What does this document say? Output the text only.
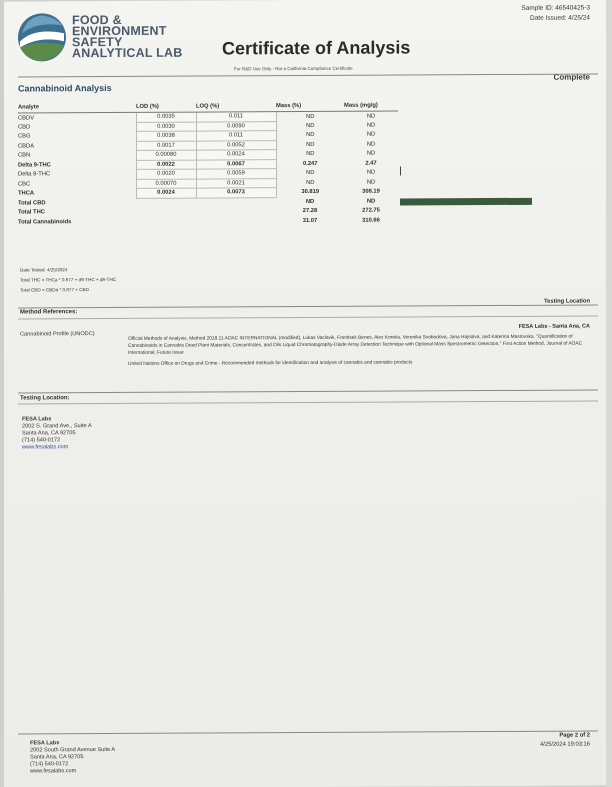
FOOD &
ENVIRONMENT
SAFETY
ANALYTICAL LAB
Sample ID: 46540425-3
Date Issued: 4/25/24
Certificate of Analysis
For R&D Use Only - Not a California Compliance Certificate
Complete
Cannabinoid Analysis
Analyte	LOD (%)	LOQ (%)	Mass (%)	Mass (mg/g)
CBDV	0.0035	0.011	ND	ND
CBD	0.0030	0.0090	ND	ND
CBG	0.0038	0.011	ND	ND
CBDA	0.0017	0.0052	ND	ND
CBN	0.00080	0.0024	ND	ND
Delta 9-THC	0.0022	0.0067	0.247	2.47
Delta 8-THC	0.0020	0.0059	ND	ND
CBC	0.00070	0.0021	ND	ND
THCA	0.0024	0.0073	30.819	308.19
Total CBD			ND	ND
Total THC			27.28	272.75
Total Cannabinoids			31.07	310.66
Date Tested: 4/25/2024
Total THC = THCa * 0.877 + d9-THC + d8-THC
Total CBD = CBDa * 0.877 + CBD
Testing Location
Method References:
FESA Labs - Santa Ana, CA
Cannabinoid Profile (UNODC)

Official Methods of Analysis, Method 2018.11 AOAC INTERNATIONAL (modified), Lukas Vaclavik, Frantisek Benes, Alex Krmela, Veronika Svobodova, Jana Hajsolva, and Katerina Mastovska, "Quantification of Cannabinoids in Cannabis Dried Plant Materials, Concentrates, and Oils Liquid Chromatography-Diode Array Detection Technique with Optional Mass Spectrometric Detection," First Action Method, Journal of AOAC International, Future Issue

United Nations Office on Drugs and Crime - Recommended methods for identification and analysis of cannabis and cannabis products

Testing Location:
FESA Labs
2002 S. Grand Ave., Suite A
Santa Ana, CA 92705
(714) 540-0172
www.fesalabs.com
FESA Labs
2002 South Grand Avenue Suite A
Santa Ana, CA 92705
(714) 540-0172
www.fesalabs.com
Page 2 of 2
4/25/2024 19:03:16
